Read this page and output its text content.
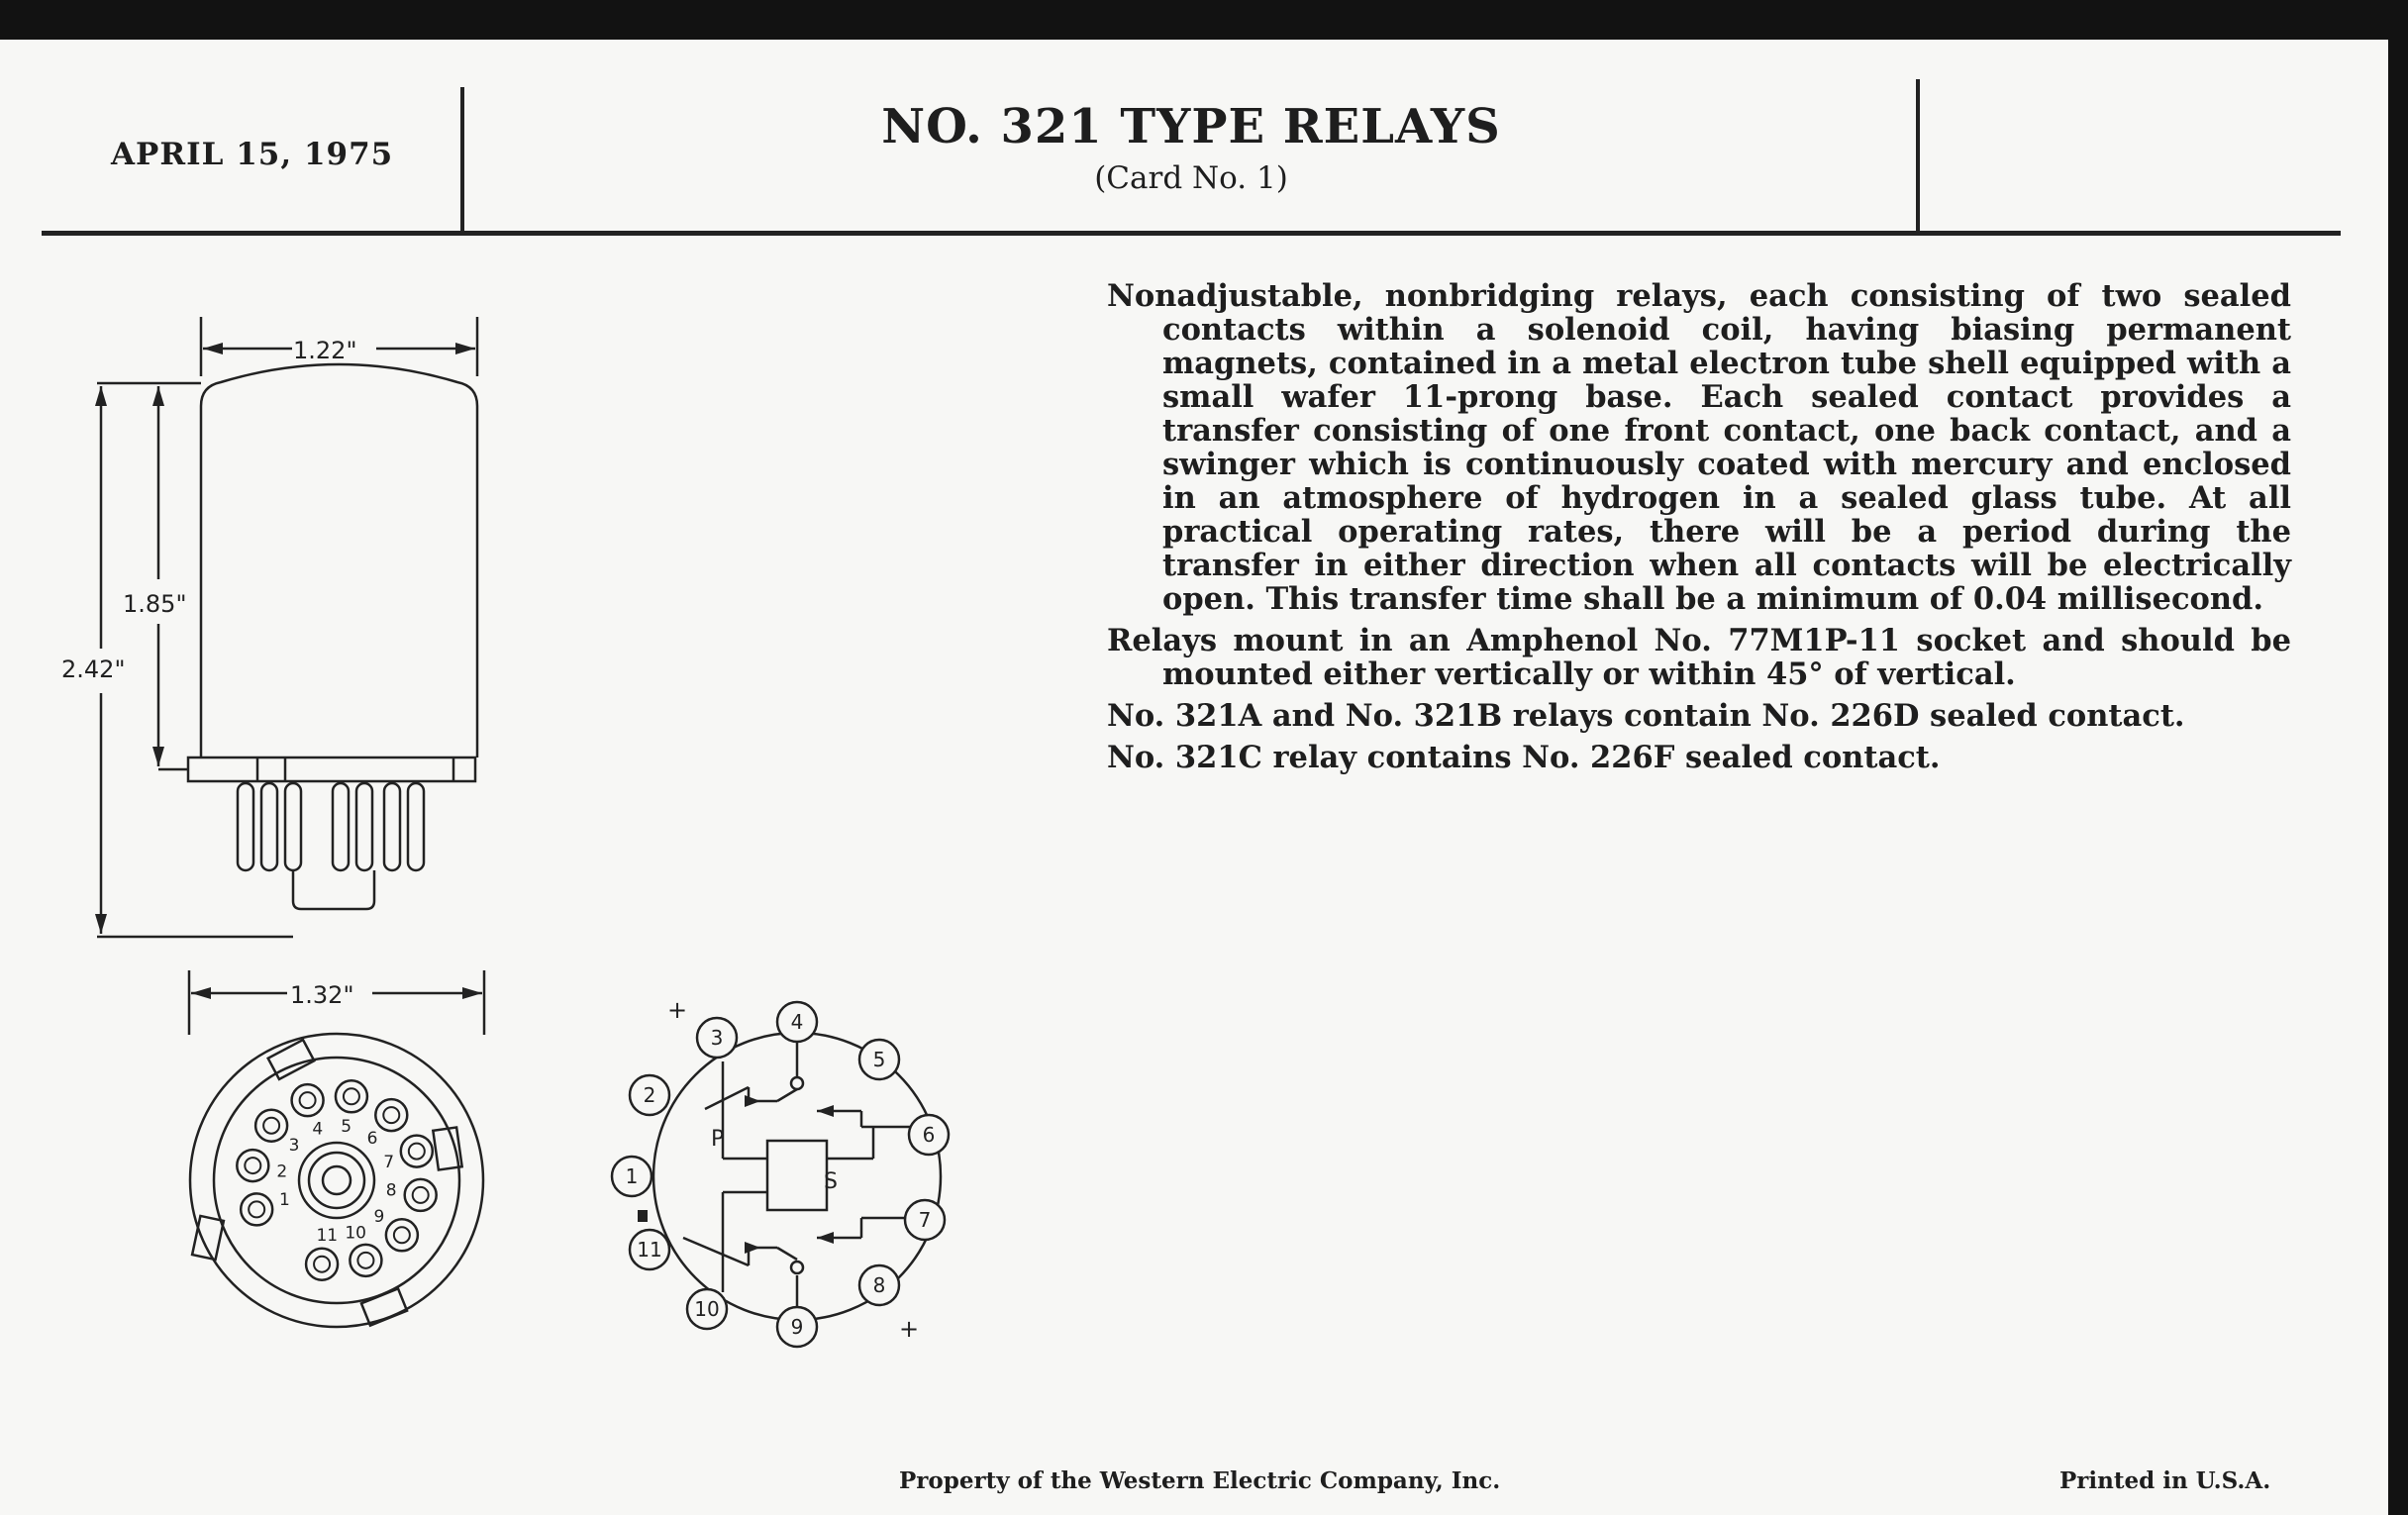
APRIL 15, 1975	NO. 321 TYPE RELAYS
(Card No. 1)
1.22"
1.85"
2.42"
1.32"
1
2
3
4 5
6
7
8
9
10
11
P
S
+
+
1
2
3
4
5
6
7
8
9
10
11

Nonadjustable, nonbridging relays, each consisting of two sealed contacts within a solenoid coil, having biasing permanent magnets, contained in a metal electron tube shell equipped with a small wafer 11-prong base. Each sealed contact provides a transfer consisting of one front contact, one back contact, and a swinger which is continuously coated with mercury and enclosed in an atmosphere of hydrogen in a sealed glass tube. At all practical operating rates, there will be a period during the transfer in either direction when all contacts will be electrically open. This transfer time shall be a minimum of 0.04 millisecond.

Relays mount in an Amphenol No. 77M1P-11 socket and should be mounted either vertically or within 45° of vertical.

No. 321A and No. 321B relays contain No. 226D sealed contact.

No. 321C relay contains No. 226F sealed contact.

Property of the Western Electric Company, Inc.	Printed in U.S.A.
